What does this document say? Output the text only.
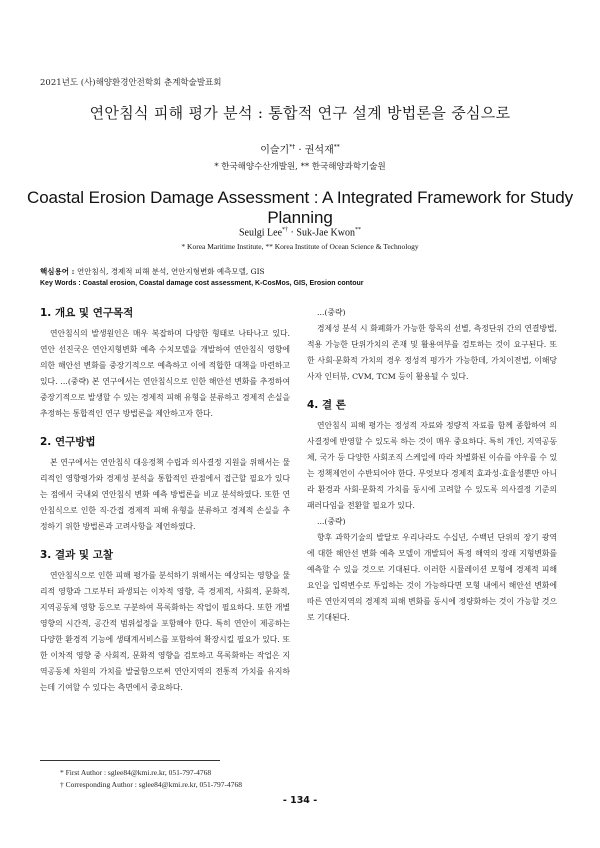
2021년도 (사)해양환경안전학회 춘계학술발표회
연안침식 피해 평가 분석 : 통합적 연구 설계 방법론을 중심으로
이슬기*† · 권석재**
* 한국해양수산개발원, ** 한국해양과학기술원
Coastal Erosion Damage Assessment : A Integrated Framework for Study Planning
Seulgi Lee*† · Suk-Jae Kwon**
* Korea Maritime Institute, ** Korea Institute of Ocean Science & Technology
핵심용어 : 연안침식, 경제적 피해 분석, 연안지형변화 예측모델, GIS
Key Words : Coastal erosion, Coastal damage cost assessment, K-CosMos, GIS, Erosion contour
1. 개요 및 연구목적

연안침식의 발생원인은 매우 복잡하며 다양한 형태로 나타나고 있다. 연안 선진국은 연안지형변화 예측 수치모델을 개발하여 연안침식 영향에 의한 해안선 변화를 중장기적으로 예측하고 이에 적합한 대책을 마련하고 있다. ...(중략) 본 연구에서는 연안침식으로 인한 해안선 변화를 추정하여 중장기적으로 발생할 수 있는 경제적 피해 유형을 분류하고 경제적 손실을 추정하는 통합적인 연구 방법론을 제안하고자 한다.

2. 연구방법

본 연구에서는 연안침식 대응정책 수립과 의사결정 지원을 위해서는 물리적인 영향평가와 경제성 분석을 통합적인 관점에서 접근할 필요가 있다는 점에서 국내외 연안침식 변화 예측 방법론을 비교 분석하였다. 또한 연안침식으로 인한 직·간접 경제적 피해 유형을 분류하고 경제적 손실을 추정하기 위한 방법론과 고려사항을 제언하였다.

3. 결과 및 고찰

연안침식으로 인한 피해 평가를 분석하기 위해서는 예상되는 영향을 물리적 영향과 그로부터 파생되는 이차적 영향, 즉 경제적, 사회적, 문화적, 지역공동체 영향 등으로 구분하여 목록화하는 작업이 필요하다. 또한 개별 영향의 시간적, 공간적 범위설정을 포함해야 한다. 특히 연안이 제공하는 다양한 환경적 기능에 생태계서비스를 포함하여 확장시킬 필요가 있다. 또한 이차적 영향 중 사회적, 문화적 영향을 검토하고 목록화하는 작업은 지역공동체 차원의 가치를 발굴함으로써 연안지역의 전통적 가치를 유지하는데 기여할 수 있다는 측면에서 중요하다.

...(중략)

경제성 분석 시 화폐화가 가능한 항목의 선별, 측정단위 간의 연결방법, 적용 가능한 단위가치의 존재 및 활용여부를 검토하는 것이 요구된다. 또한 사회·문화적 가치의 경우 정성적 평가가 가능한데, 가치이전법, 이해당사자 인터뷰, CVM, TCM 등이 활용될 수 있다.

4. 결 론

연안침식 피해 평가는 정성적 자료와 정량적 자료를 함께 종합하여 의사결정에 반영할 수 있도록 하는 것이 매우 중요하다. 특히 개인, 지역공동체, 국가 등 다양한 사회조직 스케일에 따라 차별화된 이슈를 야우를 수 있는 정책제언이 수반되어야 한다. 무엇보다 경제적 효과성·효율성뿐만 아니라 환경과 사회·문화적 가치를 동시에 고려할 수 있도록 의사결정 기준의 패러다임을 전환할 필요가 있다.

...(중략)

향후 과학기술의 발달로 우리나라도 수십년, 수백년 단위의 장기 광역에 대한 해안선 변화 예측 모델이 개발되어 특정 해역의 장래 지형변화를 예측할 수 있을 것으로 기대된다. 이러한 시뮬레이션 모형에 경제적 피해 요인을 입력변수로 투입하는 것이 가능하다면 모형 내에서 해안선 변화에 따른 연안지역의 경제적 피해 변화를 동시에 정량화하는 것이 가능할 것으로 기대된다.

* First Author : sglee84@kmi.re.kr, 051-797-4768
† Corresponding Author : sglee84@kmi.re.kr, 051-797-4768
- 134 -
